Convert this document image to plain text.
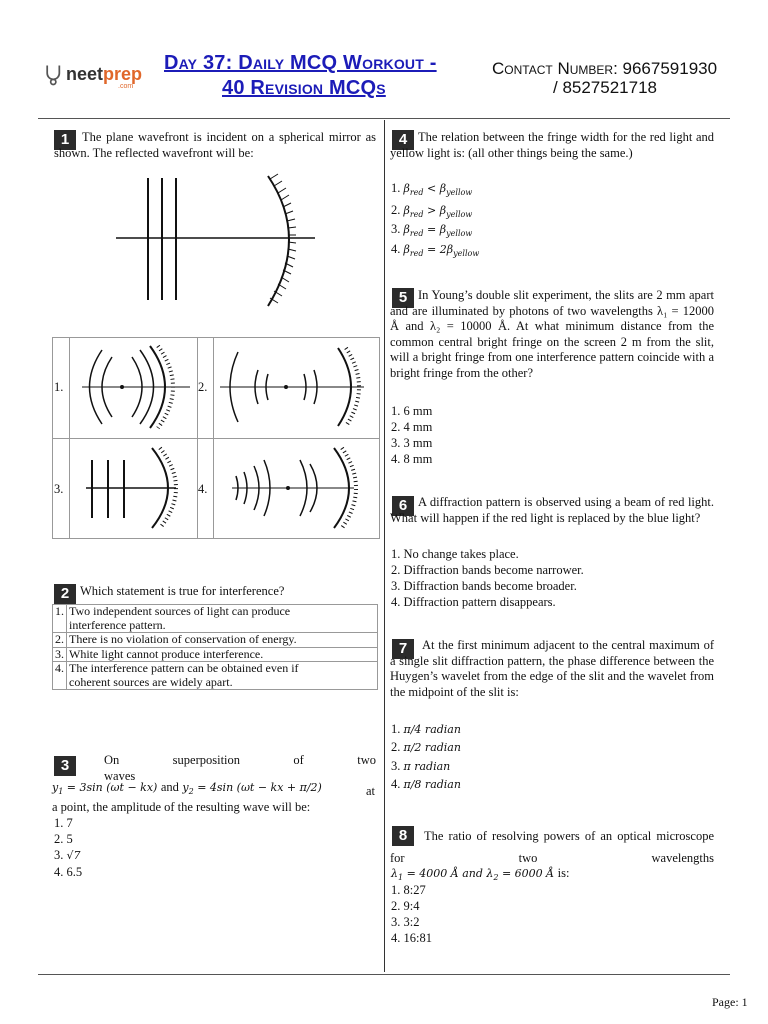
neetprep
.com
Day 37: Daily MCQ Workout -
40 Revision MCQs
Contact Number: 9667591930
/ 8527521718
1	The plane wavefront is incident on a spherical mirror as shown. The reflected wavefront will be:
1.	2.
3.	4.
2 Which statement is true for interference?
1.	Two independent sources of light can produce interference pattern.
2.	There is no violation of conservation of energy.
3.	White light cannot produce interference.
4.	The interference pattern can be obtained even if coherent sources are widely apart.
3	On superposition of two waves
$y_1 = 3\sin$ (ωt − kx) and $y_2 = 4\sin$ (ωt − kx + π/2)	at a point, the amplitude of the resulting wave will be:
1. 7
2. 5
3. √7
4. 6.5
4 The relation between the fringe width for the red light and yellow light is: (all other things being the same.)
1. $\beta_{red} < \beta_{yellow}$
2. $\beta_{red} > \beta_{yellow}$
3. $\beta_{red} = \beta_{yellow}$
4. $\beta_{red} = 2\beta_{yellow}$
5 In Young’s double slit experiment, the slits are 2 mm apart and are illuminated by photons of two wavelengths λ₁ = 12000 Å and λ₂ = 10000 Å. At what minimum distance from the common central bright fringe on the screen 2 m from the slit, will a bright fringe from one interference pattern coincide with a bright fringe from the other?
1. 6 mm
2. 4 mm
3. 3 mm
4. 8 mm
6 A diffraction pattern is observed using a beam of red light. What will happen if the red light is replaced by the blue light?
1. No change takes place.
2. Diffraction bands become narrower.
3. Diffraction bands become broader.
4. Diffraction pattern disappears.
7	At the first minimum adjacent to the central maximum of a single slit diffraction pattern, the phase difference between the Huygen’s wavelet from the edge of the slit and the wavelet from the midpoint of the slit is:
1. π/4 radian
2. π/2 radian
3. π radian
4. π/8 radian
8	The ratio of resolving powers of an optical microscope for two wavelengths
$\lambda_1 = 4000$ Å and $\lambda_2 = 6000$ Å is:
1. 8:27
2. 9:4
3. 3:2
4. 16:81
Page: 1
